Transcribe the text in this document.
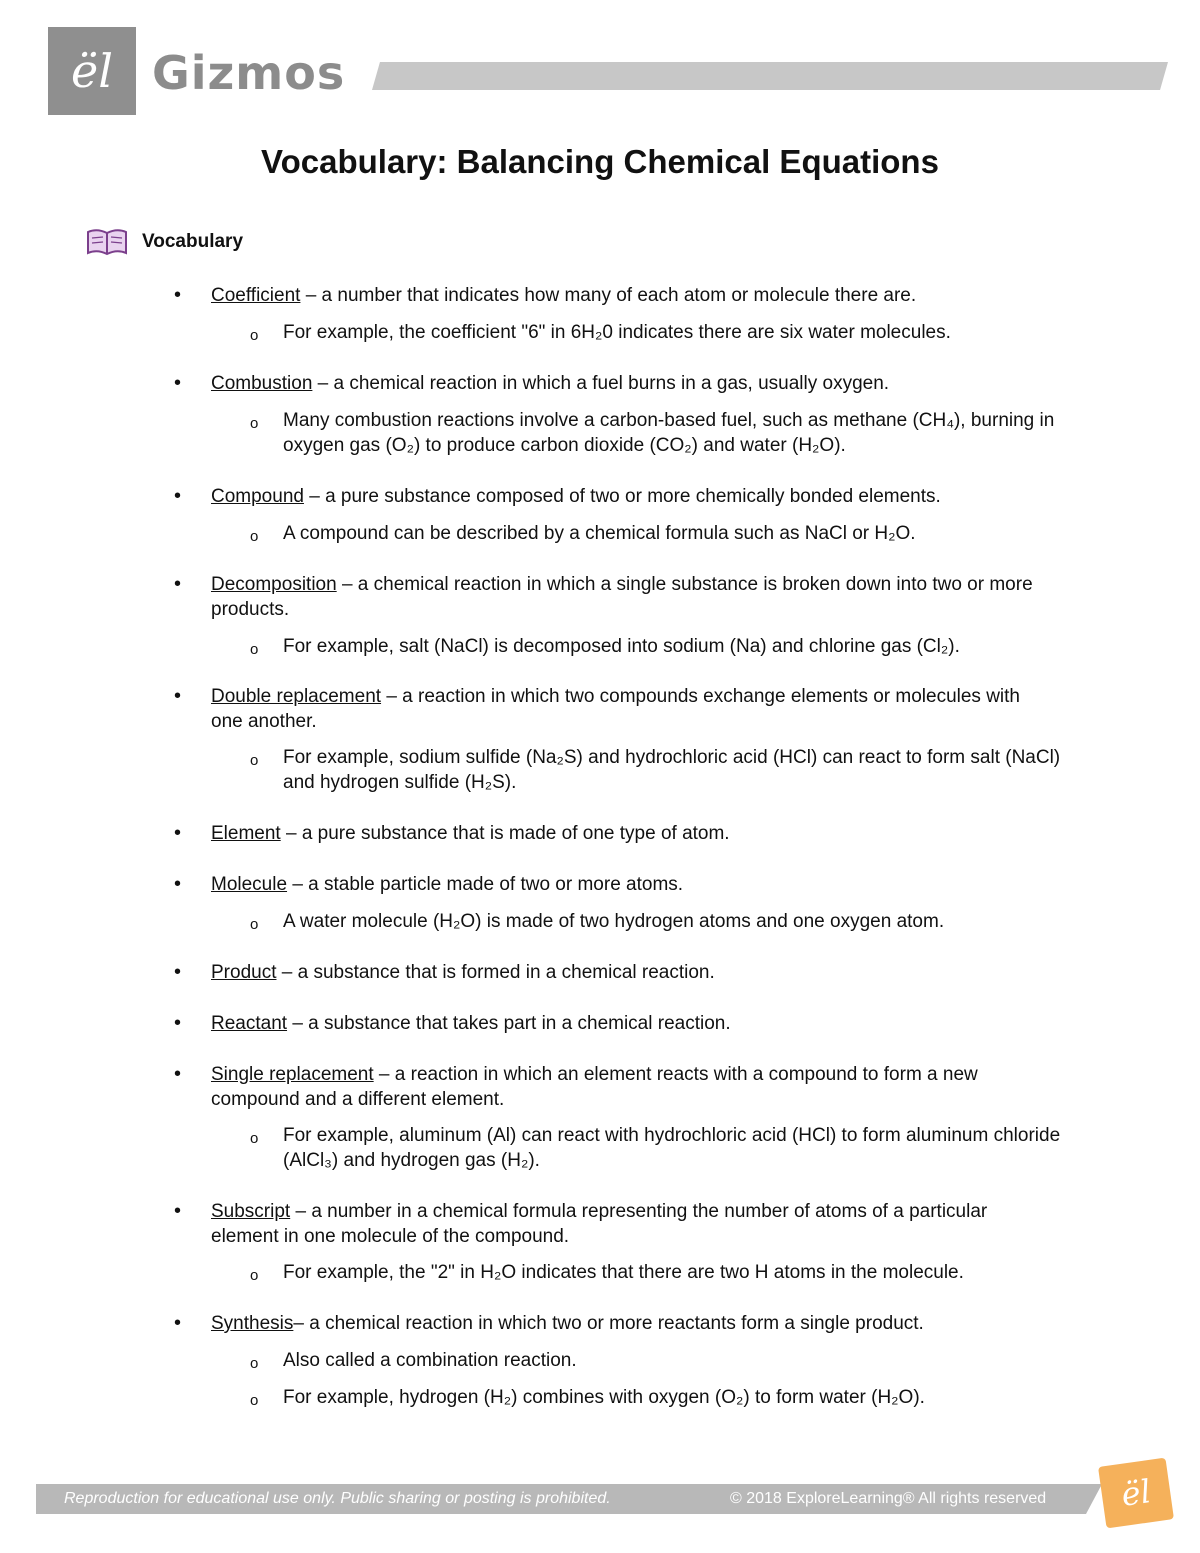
ël Gizmos
Vocabulary: Balancing Chemical Equations
Vocabulary
• Coefficient – a number that indicates how many of each atom or molecule there are.
o For example, the coefficient "6" in 6H₂0 indicates there are six water molecules.
• Combustion – a chemical reaction in which a fuel burns in a gas, usually oxygen.
o Many combustion reactions involve a carbon-based fuel, such as methane (CH₄), burning in oxygen gas (O₂) to produce carbon dioxide (CO₂) and water (H₂O).
• Compound – a pure substance composed of two or more chemically bonded elements.
o A compound can be described by a chemical formula such as NaCl or H₂O.
• Decomposition – a chemical reaction in which a single substance is broken down into two or more products.
o For example, salt (NaCl) is decomposed into sodium (Na) and chlorine gas (Cl₂).
• Double replacement – a reaction in which two compounds exchange elements or molecules with one another.
o For example, sodium sulfide (Na₂S) and hydrochloric acid (HCl) can react to form salt (NaCl) and hydrogen sulfide (H₂S).
• Element – a pure substance that is made of one type of atom.
• Molecule – a stable particle made of two or more atoms.
o A water molecule (H₂O) is made of two hydrogen atoms and one oxygen atom.
• Product – a substance that is formed in a chemical reaction.
• Reactant – a substance that takes part in a chemical reaction.
• Single replacement – a reaction in which an element reacts with a compound to form a new compound and a different element.
o For example, aluminum (Al) can react with hydrochloric acid (HCl) to form aluminum chloride (AlCl₃) and hydrogen gas (H₂).
• Subscript – a number in a chemical formula representing the number of atoms of a particular element in one molecule of the compound.
o For example, the "2" in H₂O indicates that there are two H atoms in the molecule.
• Synthesis– a chemical reaction in which two or more reactants form a single product.
o Also called a combination reaction.
o For example, hydrogen (H₂) combines with oxygen (O₂) to form water (H₂O).
Reproduction for educational use only. Public sharing or posting is prohibited.	© 2018 ExploreLearning® All rights reserved	ël
